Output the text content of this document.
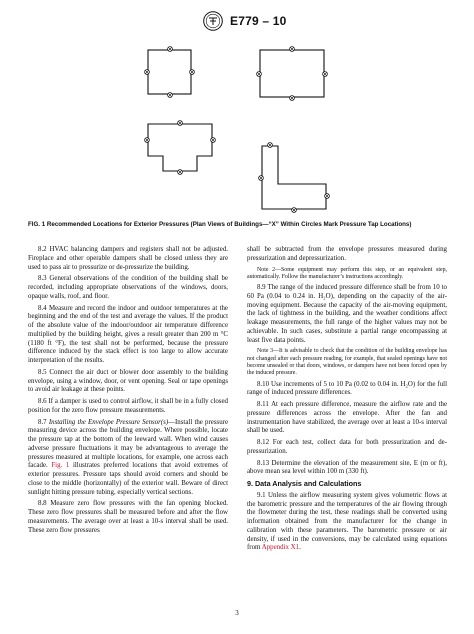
E779 – 10
FIG. 1 Recommended Locations for Exterior Pressures (Plan Views of Buildings—“X” Within Circles Mark Pressure Tap Locations)

8.2 HVAC balancing dampers and registers shall not be adjusted. Fireplace and other operable dampers shall be closed unless they are used to pass air to pressurize or de-pressurize the building.

8.3 General observations of the condition of the building shall be recorded, including appropriate observations of the windows, doors, opaque walls, roof, and floor.

8.4 Measure and record the indoor and outdoor temperatures at the beginning and the end of the test and average the values. If the product of the absolute value of the indoor/outdoor air temperature difference multiplied by the building height, gives a result greater than 200 m °C (1180 ft °F), the test shall not be performed, because the pressure difference induced by the stack effect is too large to allow accurate interpretation of the results.

8.5 Connect the air duct or blower door assembly to the building envelope, using a window, door, or vent opening. Seal or tape openings to avoid air leakage at these points.

8.6 If a damper is used to control airflow, it shall be in a fully closed position for the zero flow pressure measurements.

8.7 Installing the Envelope Pressure Sensor(s)—Install the pressure measuring device across the building envelope. Where possible, locate the pressure tap at the bottom of the leeward wall. When wind causes adverse pressure fluctuations it may be advantageous to average the pressures measured at multiple locations, for example, one across each facade. Fig. 1 illustrates preferred locations that avoid extremes of exterior pressures. Pressure taps should avoid corners and should be close to the middle (horizontally) of the exterior wall. Beware of direct sunlight hitting pressure tubing, especially vertical sections.

8.8 Measure zero flow pressures with the fan opening blocked. These zero flow pressures shall be measured before and after the flow measurements. The average over at least a 10-s interval shall be used. These zero flow pressures

shall be subtracted from the envelope pressures measured during pressurization and depressurization.

Note 2—Some equipment may perform this step, or an equivalent step, automatically. Follow the manufacturer’s instructions accordingly.

8.9 The range of the induced pressure difference shall be from 10 to 60 Pa (0.04 to 0.24 in. H₂O), depending on the capacity of the air-moving equipment. Because the capacity of the air-moving equipment, the lack of tightness in the building, and the weather conditions affect leakage measurements, the full range of the higher values may not be achievable. In such cases, substitute a partial range encompassing at least five data points.

Note 3—It is advisable to check that the condition of the building envelope has not changed after each pressure reading, for example, that sealed openings have not become unsealed or that doors, windows, or dampers have not been forced open by the induced pressure.

8.10 Use increments of 5 to 10 Pa (0.02 to 0.04 in. H₂O) for the full range of induced pressure differences.

8.11 At each pressure difference, measure the airflow rate and the pressure differences across the envelope. After the fan and instrumentation have stabilized, the average over at least a 10-s interval shall be used.

8.12 For each test, collect data for both pressurization and de-pressurization.

8.13 Determine the elevation of the measurement site, E (m or ft), above mean sea level within 100 m (330 ft).

9. Data Analysis and Calculations

9.1 Unless the airflow measuring system gives volumetric flows at the barometric pressure and the temperatures of the air flowing through the flowmeter during the test, these readings shall be converted using information obtained from the manufacturer for the change in calibration with these parameters. The barometric pressure or air density, if used in the conversions, may be calculated using equations from Appendix X1.

3
